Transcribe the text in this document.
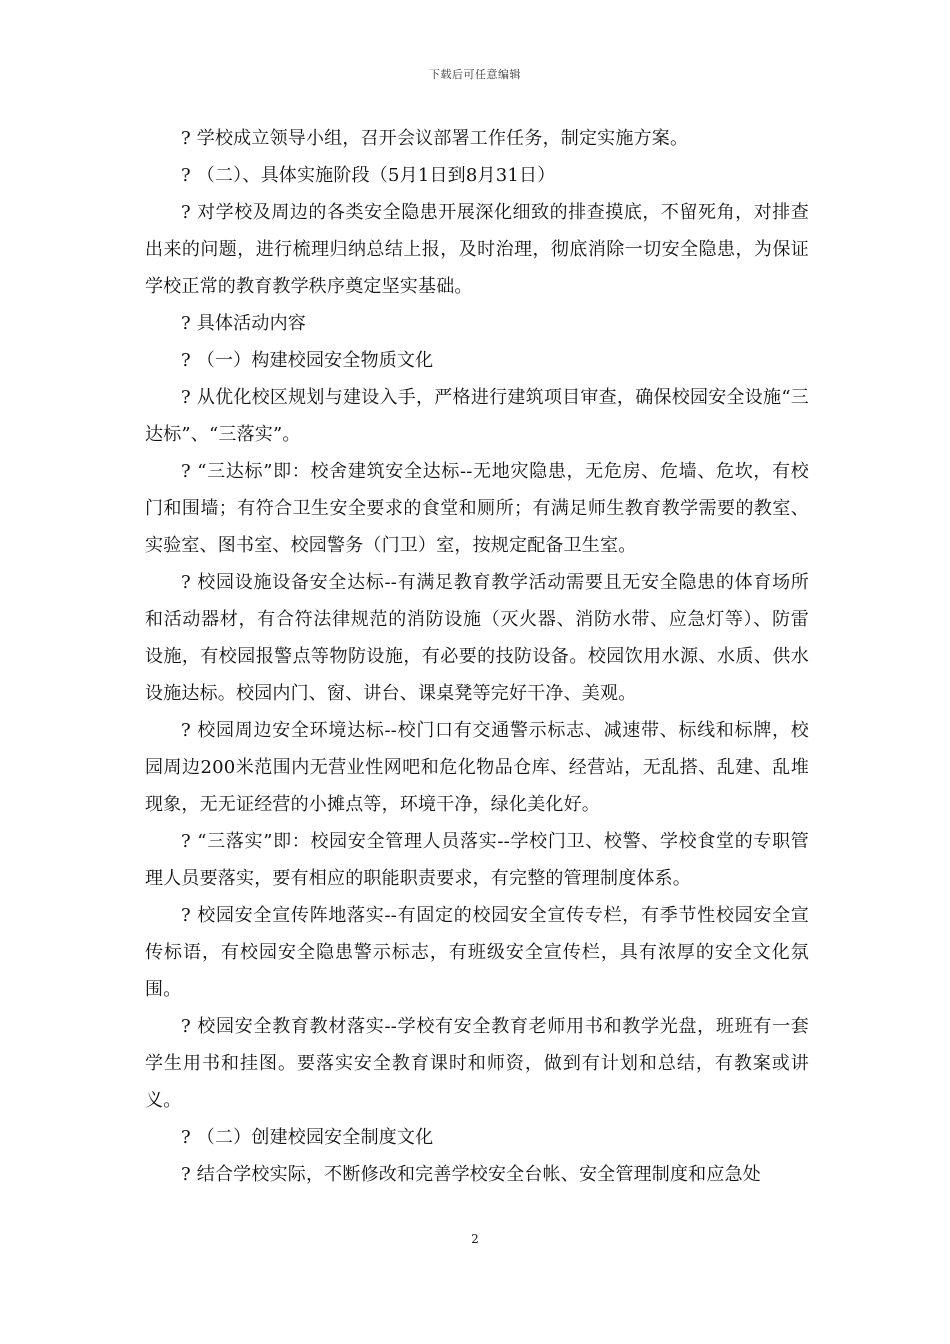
下载后可任意编辑

? 学校成立领导小组，召开会议部署工作任务，制定实施方案。

? （二）、具体实施阶段（5月1日到8月31日）

? 对学校及周边的各类安全隐患开展深化细致的排查摸底，不留死角，对排查出来的问题，进行梳理归纳总结上报，及时治理，彻底消除一切安全隐患，为保证学校正常的教育教学秩序奠定坚实基础。

? 具体活动内容

? （一）构建校园安全物质文化

? 从优化校区规划与建设入手，严格进行建筑项目审查，确保校园安全设施“三达标”、“三落实”。

? “三达标”即：校舍建筑安全达标--无地灾隐患，无危房、危墙、危坎，有校门和围墙；有符合卫生安全要求的食堂和厕所；有满足师生教育教学需要的教室、实验室、图书室、校园警务（门卫）室，按规定配备卫生室。

? 校园设施设备安全达标--有满足教育教学活动需要且无安全隐患的体育场所和活动器材，有合符法律规范的消防设施（灭火器、消防水带、应急灯等）、防雷设施，有校园报警点等物防设施，有必要的技防设备。校园饮用水源、水质、供水设施达标。校园内门、窗、讲台、课桌凳等完好干净、美观。

? 校园周边安全环境达标--校门口有交通警示标志、减速带、标线和标牌，校园周边200米范围内无营业性网吧和危化物品仓库、经营站，无乱搭、乱建、乱堆现象，无无证经营的小摊点等，环境干净，绿化美化好。

? “三落实”即：校园安全管理人员落实--学校门卫、校警、学校食堂的专职管理人员要落实，要有相应的职能职责要求，有完整的管理制度体系。

? 校园安全宣传阵地落实--有固定的校园安全宣传专栏，有季节性校园安全宣传标语，有校园安全隐患警示标志，有班级安全宣传栏，具有浓厚的安全文化氛围。

? 校园安全教育教材落实--学校有安全教育老师用书和教学光盘，班班有一套学生用书和挂图。要落实安全教育课时和师资，做到有计划和总结，有教案或讲义。

? （二）创建校园安全制度文化

? 结合学校实际，不断修改和完善学校安全台帐、安全管理制度和应急处

2
